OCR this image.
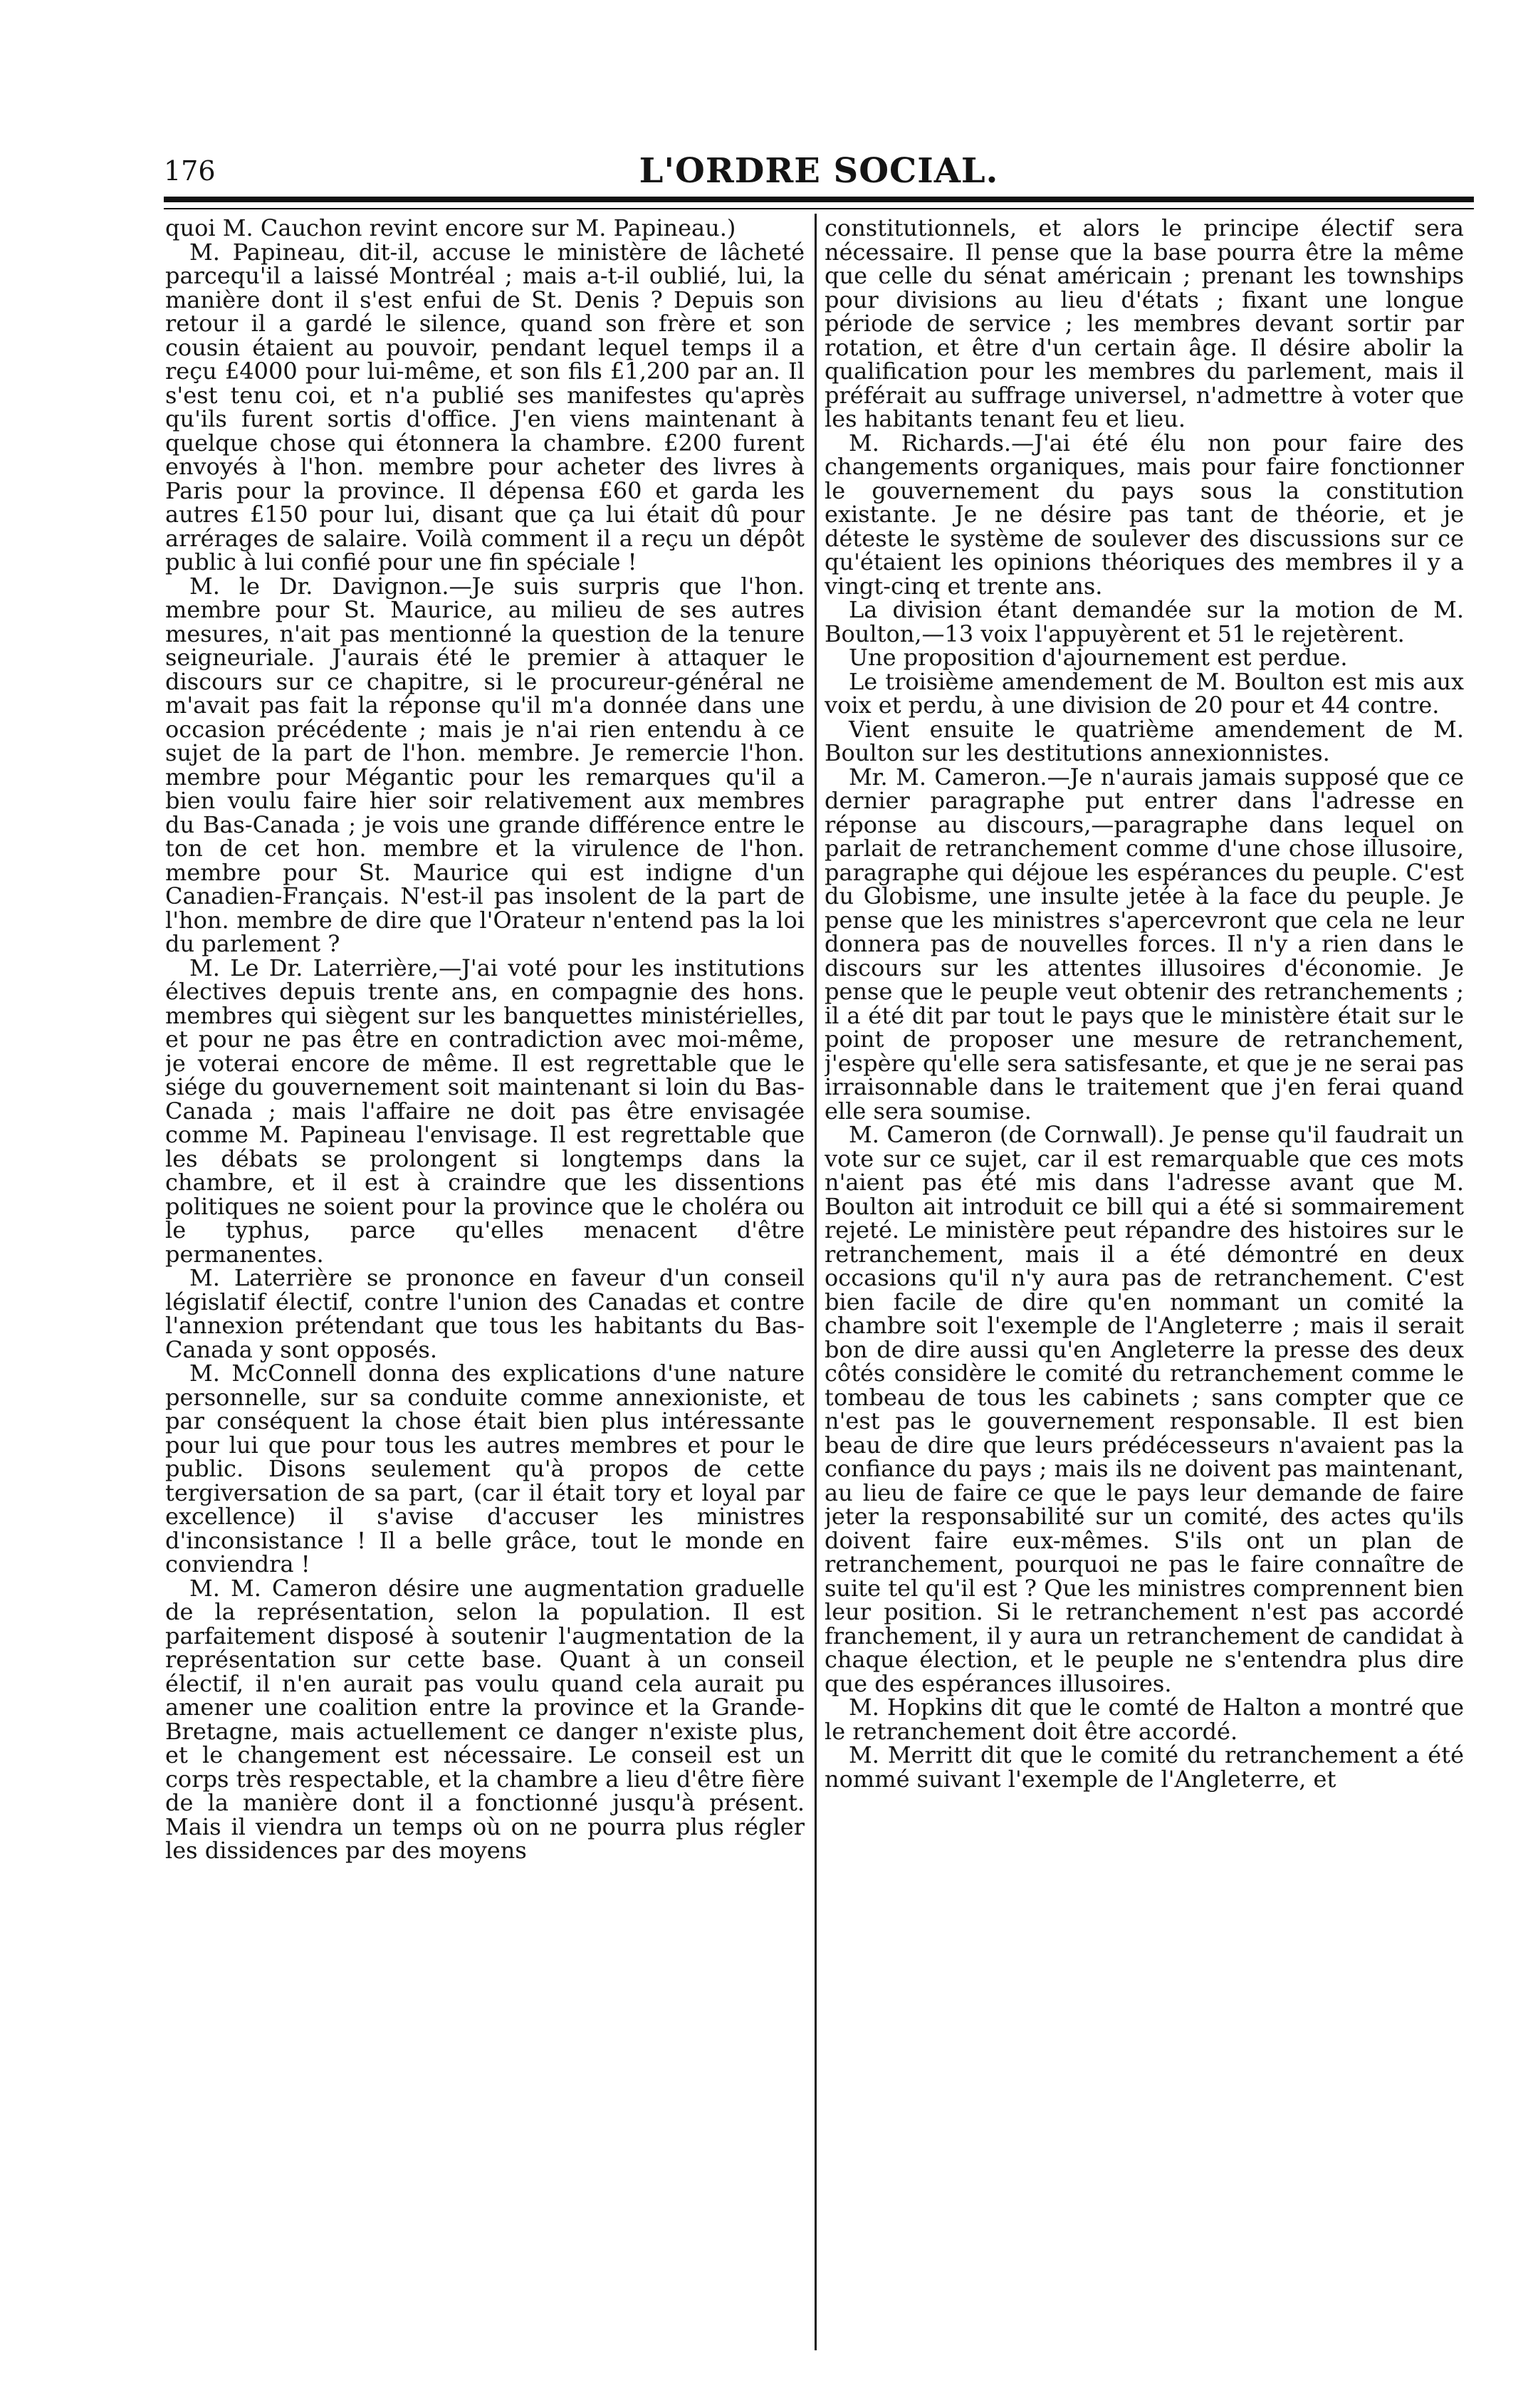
176	L'ORDRE SOCIAL.

quoi M. Cauchon revint encore sur M. Papineau.)

M. Papineau, dit-il, accuse le ministère de lâcheté parcequ'il a laissé Montréal ; mais a-t-il oublié, lui, la manière dont il s'est enfui de St. Denis ? Depuis son retour il a gardé le silence, quand son frère et son cousin étaient au pouvoir, pendant lequel temps il a reçu £4000 pour lui-même, et son fils £1,200 par an. Il s'est tenu coi, et n'a publié ses manifestes qu'après qu'ils furent sortis d'office. J'en viens maintenant à quelque chose qui étonnera la chambre. £200 furent envoyés à l'hon. membre pour acheter des livres à Paris pour la province. Il dépensa £60 et garda les autres £150 pour lui, disant que ça lui était dû pour arrérages de salaire. Voilà comment il a reçu un dépôt public à lui confié pour une fin spéciale !

M. le Dr. Davignon.—Je suis surpris que l'hon. membre pour St. Maurice, au milieu de ses autres mesures, n'ait pas mentionné la question de la tenure seigneuriale. J'aurais été le premier à attaquer le discours sur ce chapitre, si le procureur-général ne m'avait pas fait la réponse qu'il m'a donnée dans une occasion précédente ; mais je n'ai rien entendu à ce sujet de la part de l'hon. membre. Je remercie l'hon. membre pour Mégantic pour les remarques qu'il a bien voulu faire hier soir relativement aux membres du Bas-Canada ; je vois une grande différence entre le ton de cet hon. membre et la virulence de l'hon. membre pour St. Maurice qui est indigne d'un Canadien-Français. N'est-il pas insolent de la part de l'hon. membre de dire que l'Orateur n'entend pas la loi du parlement ?

M. Le Dr. Laterrière,—J'ai voté pour les institutions électives depuis trente ans, en compagnie des hons. membres qui siègent sur les banquettes ministérielles, et pour ne pas être en contradiction avec moi-même, je voterai encore de même. Il est regrettable que le siége du gouvernement soit maintenant si loin du Bas-Canada ; mais l'affaire ne doit pas être envisagée comme M. Papineau l'envisage. Il est regrettable que les débats se prolongent si longtemps dans la chambre, et il est à craindre que les dissentions politiques ne soient pour la province que le choléra ou le typhus, parce qu'elles menacent d'être permanentes.

M. Laterrière se prononce en faveur d'un conseil législatif électif, contre l'union des Canadas et contre l'annexion prétendant que tous les habitants du Bas-Canada y sont opposés.

M. McConnell donna des explications d'une nature personnelle, sur sa conduite comme annexioniste, et par conséquent la chose était bien plus intéressante pour lui que pour tous les autres membres et pour le public. Disons seulement qu'à propos de cette tergiversation de sa part, (car il était tory et loyal par excellence) il s'avise d'accuser les ministres d'inconsistance ! Il a belle grâce, tout le monde en conviendra !

M. M. Cameron désire une augmentation graduelle de la représentation, selon la population. Il est parfaitement disposé à soutenir l'augmentation de la représentation sur cette base. Quant à un conseil électif, il n'en aurait pas voulu quand cela aurait pu amener une coalition entre la province et la Grande-Bretagne, mais actuellement ce danger n'existe plus, et le changement est nécessaire. Le conseil est un corps très respectable, et la chambre a lieu d'être fière de la manière dont il a fonctionné jusqu'à présent. Mais il viendra un temps où on ne pourra plus régler les dissidences par des moyens

constitutionnels, et alors le principe électif sera nécessaire. Il pense que la base pourra être la même que celle du sénat américain ; prenant les townships pour divisions au lieu d'états ; fixant une longue période de service ; les membres devant sortir par rotation, et être d'un certain âge. Il désire abolir la qualification pour les membres du parlement, mais il préférait au suffrage universel, n'admettre à voter que les habitants tenant feu et lieu.

M. Richards.—J'ai été élu non pour faire des changements organiques, mais pour faire fonctionner le gouvernement du pays sous la constitution existante. Je ne désire pas tant de théorie, et je déteste le système de soulever des discussions sur ce qu'étaient les opinions théoriques des membres il y a vingt-cinq et trente ans.

La division étant demandée sur la motion de M. Boulton,—13 voix l'appuyèrent et 51 le rejetèrent.

Une proposition d'ajournement est perdue.

Le troisième amendement de M. Boulton est mis aux voix et perdu, à une division de 20 pour et 44 contre.

Vient ensuite le quatrième amendement de M. Boulton sur les destitutions annexionnistes.

Mr. M. Cameron.—Je n'aurais jamais supposé que ce dernier paragraphe put entrer dans l'adresse en réponse au discours,—paragraphe dans lequel on parlait de retranchement comme d'une chose illusoire, paragraphe qui déjoue les espérances du peuple. C'est du Globisme, une insulte jetée à la face du peuple. Je pense que les ministres s'apercevront que cela ne leur donnera pas de nouvelles forces. Il n'y a rien dans le discours sur les attentes illusoires d'économie. Je pense que le peuple veut obtenir des retranchements ; il a été dit par tout le pays que le ministère était sur le point de proposer une mesure de retranchement, j'espère qu'elle sera satisfesante, et que je ne serai pas irraisonnable dans le traitement que j'en ferai quand elle sera soumise.

M. Cameron (de Cornwall). Je pense qu'il faudrait un vote sur ce sujet, car il est remarquable que ces mots n'aient pas été mis dans l'adresse avant que M. Boulton ait introduit ce bill qui a été si sommairement rejeté. Le ministère peut répandre des histoires sur le retranchement, mais il a été démontré en deux occasions qu'il n'y aura pas de retranchement. C'est bien facile de dire qu'en nommant un comité la chambre soit l'exemple de l'Angleterre ; mais il serait bon de dire aussi qu'en Angleterre la presse des deux côtés considère le comité du retranchement comme le tombeau de tous les cabinets ; sans compter que ce n'est pas le gouvernement responsable. Il est bien beau de dire que leurs prédécesseurs n'avaient pas la confiance du pays ; mais ils ne doivent pas maintenant, au lieu de faire ce que le pays leur demande de faire jeter la responsabilité sur un comité, des actes qu'ils doivent faire eux-mêmes. S'ils ont un plan de retranchement, pourquoi ne pas le faire connaître de suite tel qu'il est ? Que les ministres comprennent bien leur position. Si le retranchement n'est pas accordé franchement, il y aura un retranchement de candidat à chaque élection, et le peuple ne s'entendra plus dire que des espérances illusoires.

M. Hopkins dit que le comté de Halton a montré que le retranchement doit être accordé.

M. Merritt dit que le comité du retranchement a été nommé suivant l'exemple de l'Angleterre, et
